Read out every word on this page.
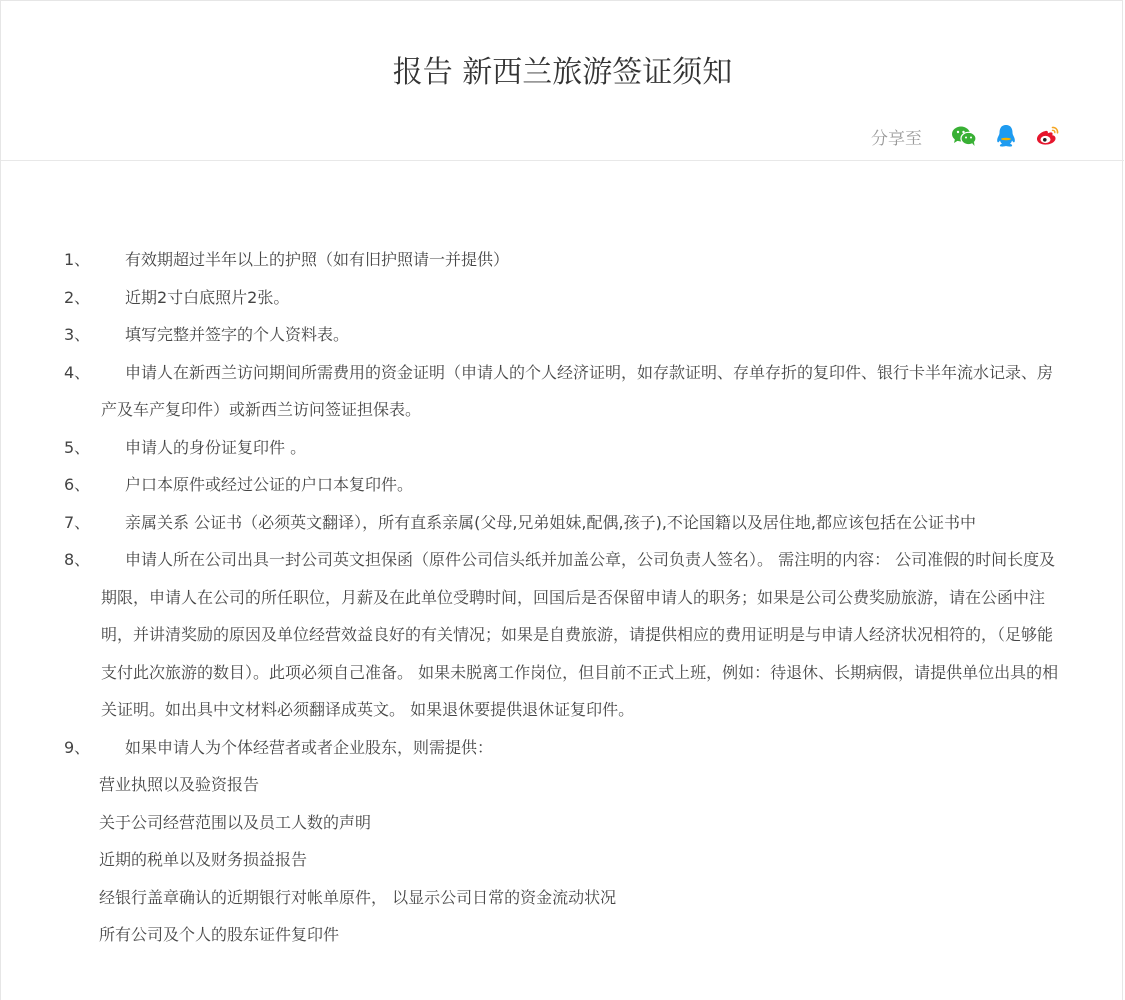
报告 新西兰旅游签证须知
分享至
1、	有效期超过半年以上的护照（如有旧护照请一并提供）
2、	近期2寸白底照片2张。
3、	填写完整并签字的个人资料表。
4、	申请人在新西兰访问期间所需费用的资金证明（申请人的个人经济证明，如存款证明、存单存折的复印件、银行卡半年流水记录、房产及车产复印件）或新西兰访问签证担保表。
5、	申请人的身份证复印件 。
6、	户口本原件或经过公证的户口本复印件。
7、	亲属关系 公证书（必须英文翻译），所有直系亲属(父母,兄弟姐妹,配偶,孩子),不论国籍以及居住地,都应该包括在公证书中
8、	申请人所在公司出具一封公司英文担保函（原件公司信头纸并加盖公章，公司负责人签名）。 需注明的内容： 公司准假的时间长度及期限，申请人在公司的所任职位，月薪及在此单位受聘时间，回国后是否保留申请人的职务；如果是公司公费奖励旅游，请在公函中注明，并讲清奖励的原因及单位经营效益良好的有关情况；如果是自费旅游，请提供相应的费用证明是与申请人经济状况相符的，（足够能支付此次旅游的数目）。此项必须自己准备。 如果未脱离工作岗位，但目前不正式上班，例如：待退休、长期病假，请提供单位出具的相关证明。如出具中文材料必须翻译成英文。 如果退休要提供退休证复印件。
9、	如果申请人为个体经营者或者企业股东，则需提供：
营业执照以及验资报告
关于公司经营范围以及员工人数的声明
近期的税单以及财务损益报告
经银行盖章确认的近期银行对帐单原件， 以显示公司日常的资金流动状况
所有公司及个人的股东证件复印件
